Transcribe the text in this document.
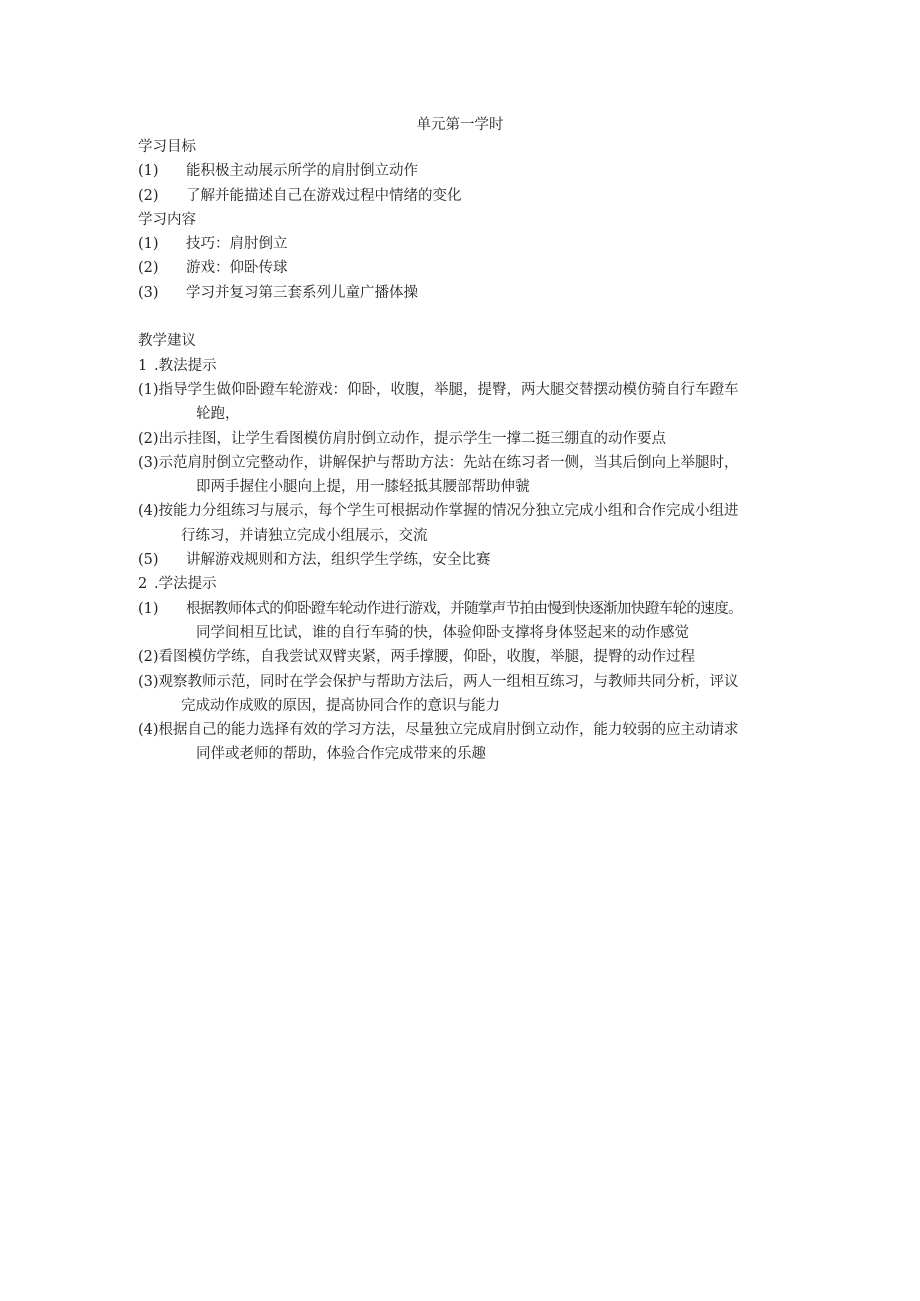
单元第一学时
学习目标
(1) 能积极主动展示所学的肩肘倒立动作
(2) 了解并能描述自己在游戏过程中情绪的变化
学习内容
(1) 技巧：肩肘倒立
(2) 游戏：仰卧传球
(3) 学习并复习第三套系列儿童广播体操
教学建议
1 .教法提示
(1)指导学生做仰卧蹬车轮游戏：仰卧，收腹，举腿，提臀，两大腿交替摆动模仿骑自行车蹬车
轮跑，
(2)出示挂图，让学生看图模仿肩肘倒立动作，提示学生一撑二挺三绷直的动作要点
(3)示范肩肘倒立完整动作，讲解保护与帮助方法：先站在练习者一侧，当其后倒向上举腿时，
即两手握住小腿向上提，用一膝轻抵其腰部帮助伸虢
(4)按能力分组练习与展示，每个学生可根据动作掌握的情况分独立完成小组和合作完成小组进
行练习，并请独立完成小组展示，交流
(5) 讲解游戏规则和方法，组织学生学练，安全比赛
2 .学法提示
(1) 根据教师体式的仰卧蹬车轮动作进行游戏，并随掌声节拍由慢到快逐渐加快蹬车轮的速度。
同学间相互比试，谁的自行车骑的快，体验仰卧支撑将身体竖起来的动作感觉
(2)看图模仿学练，自我尝试双臂夹紧，两手撑腰，仰卧，收腹，举腿，提臀的动作过程
(3)观察教师示范，同时在学会保护与帮助方法后，两人一组相互练习，与教师共同分析，评议
完成动作成败的原因，提高协同合作的意识与能力
(4)根据自己的能力选择有效的学习方法，尽量独立完成肩肘倒立动作，能力较弱的应主动请求
同伴或老师的帮助，体验合作完成带来的乐趣
